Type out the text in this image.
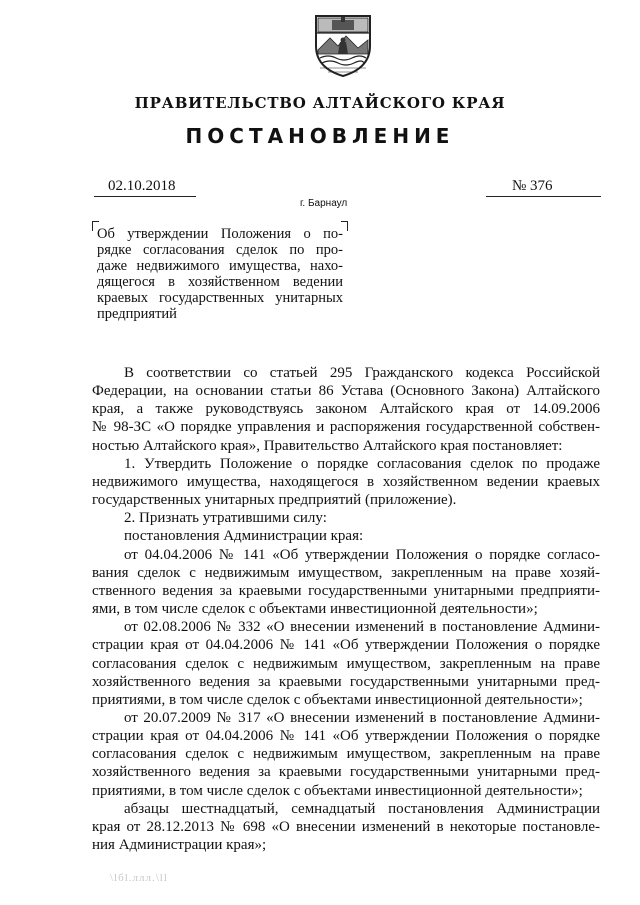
ПРАВИТЕЛЬСТВО АЛТАЙСКОГО КРАЯ
ПОСТАНОВЛЕНИЕ
02.10.2018
г. Барнаул
№ 376
Об утверждении Положения о по-
рядке согласования сделок по про-
даже недвижимого имущества, нахо-
дящегося в хозяйственном ведении
краевых государственных унитарных
предприятий
В соответствии со статьей 295 Гражданского кодекса Российской
Федерации, на основании статьи 86 Устава (Основного Закона) Алтайского
края, а также руководствуясь законом Алтайского края от 14.09.2006
№ 98-ЗС «О порядке управления и распоряжения государственной собствен-
ностью Алтайского края», Правительство Алтайского края постановляет:
1. Утвердить Положение о порядке согласования сделок по продаже
недвижимого имущества, находящегося в хозяйственном ведении краевых
государственных унитарных предприятий (приложение).
2. Признать утратившими силу:
постановления Администрации края:
от 04.04.2006 № 141 «Об утверждении Положения о порядке согласо-
вания сделок с недвижимым имуществом, закрепленным на праве хозяй-
ственного ведения за краевыми государственными унитарными предприяти-
ями, в том числе сделок с объектами инвестиционной деятельности»;
от 02.08.2006 № 332 «О внесении изменений в постановление Админи-
страции края от 04.04.2006 № 141 «Об утверждении Положения о порядке
согласования сделок с недвижимым имуществом, закрепленным на праве
хозяйственного ведения за краевыми государственными унитарными пред-
приятиями, в том числе сделок с объектами инвестиционной деятельности»;
от 20.07.2009 № 317 «О внесении изменений в постановление Админи-
страции края от 04.04.2006 № 141 «Об утверждении Положения о порядке
согласования сделок с недвижимым имуществом, закрепленным на праве
хозяйственного ведения за краевыми государственными унитарными пред-
приятиями, в том числе сделок с объектами инвестиционной деятельности»;
абзацы шестнадцатый, семнадцатый постановления Администрации
края от 28.12.2013 № 698 «О внесении изменений в некоторые постановле-
ния Администрации края»;
\lбl.ллл.\ll
